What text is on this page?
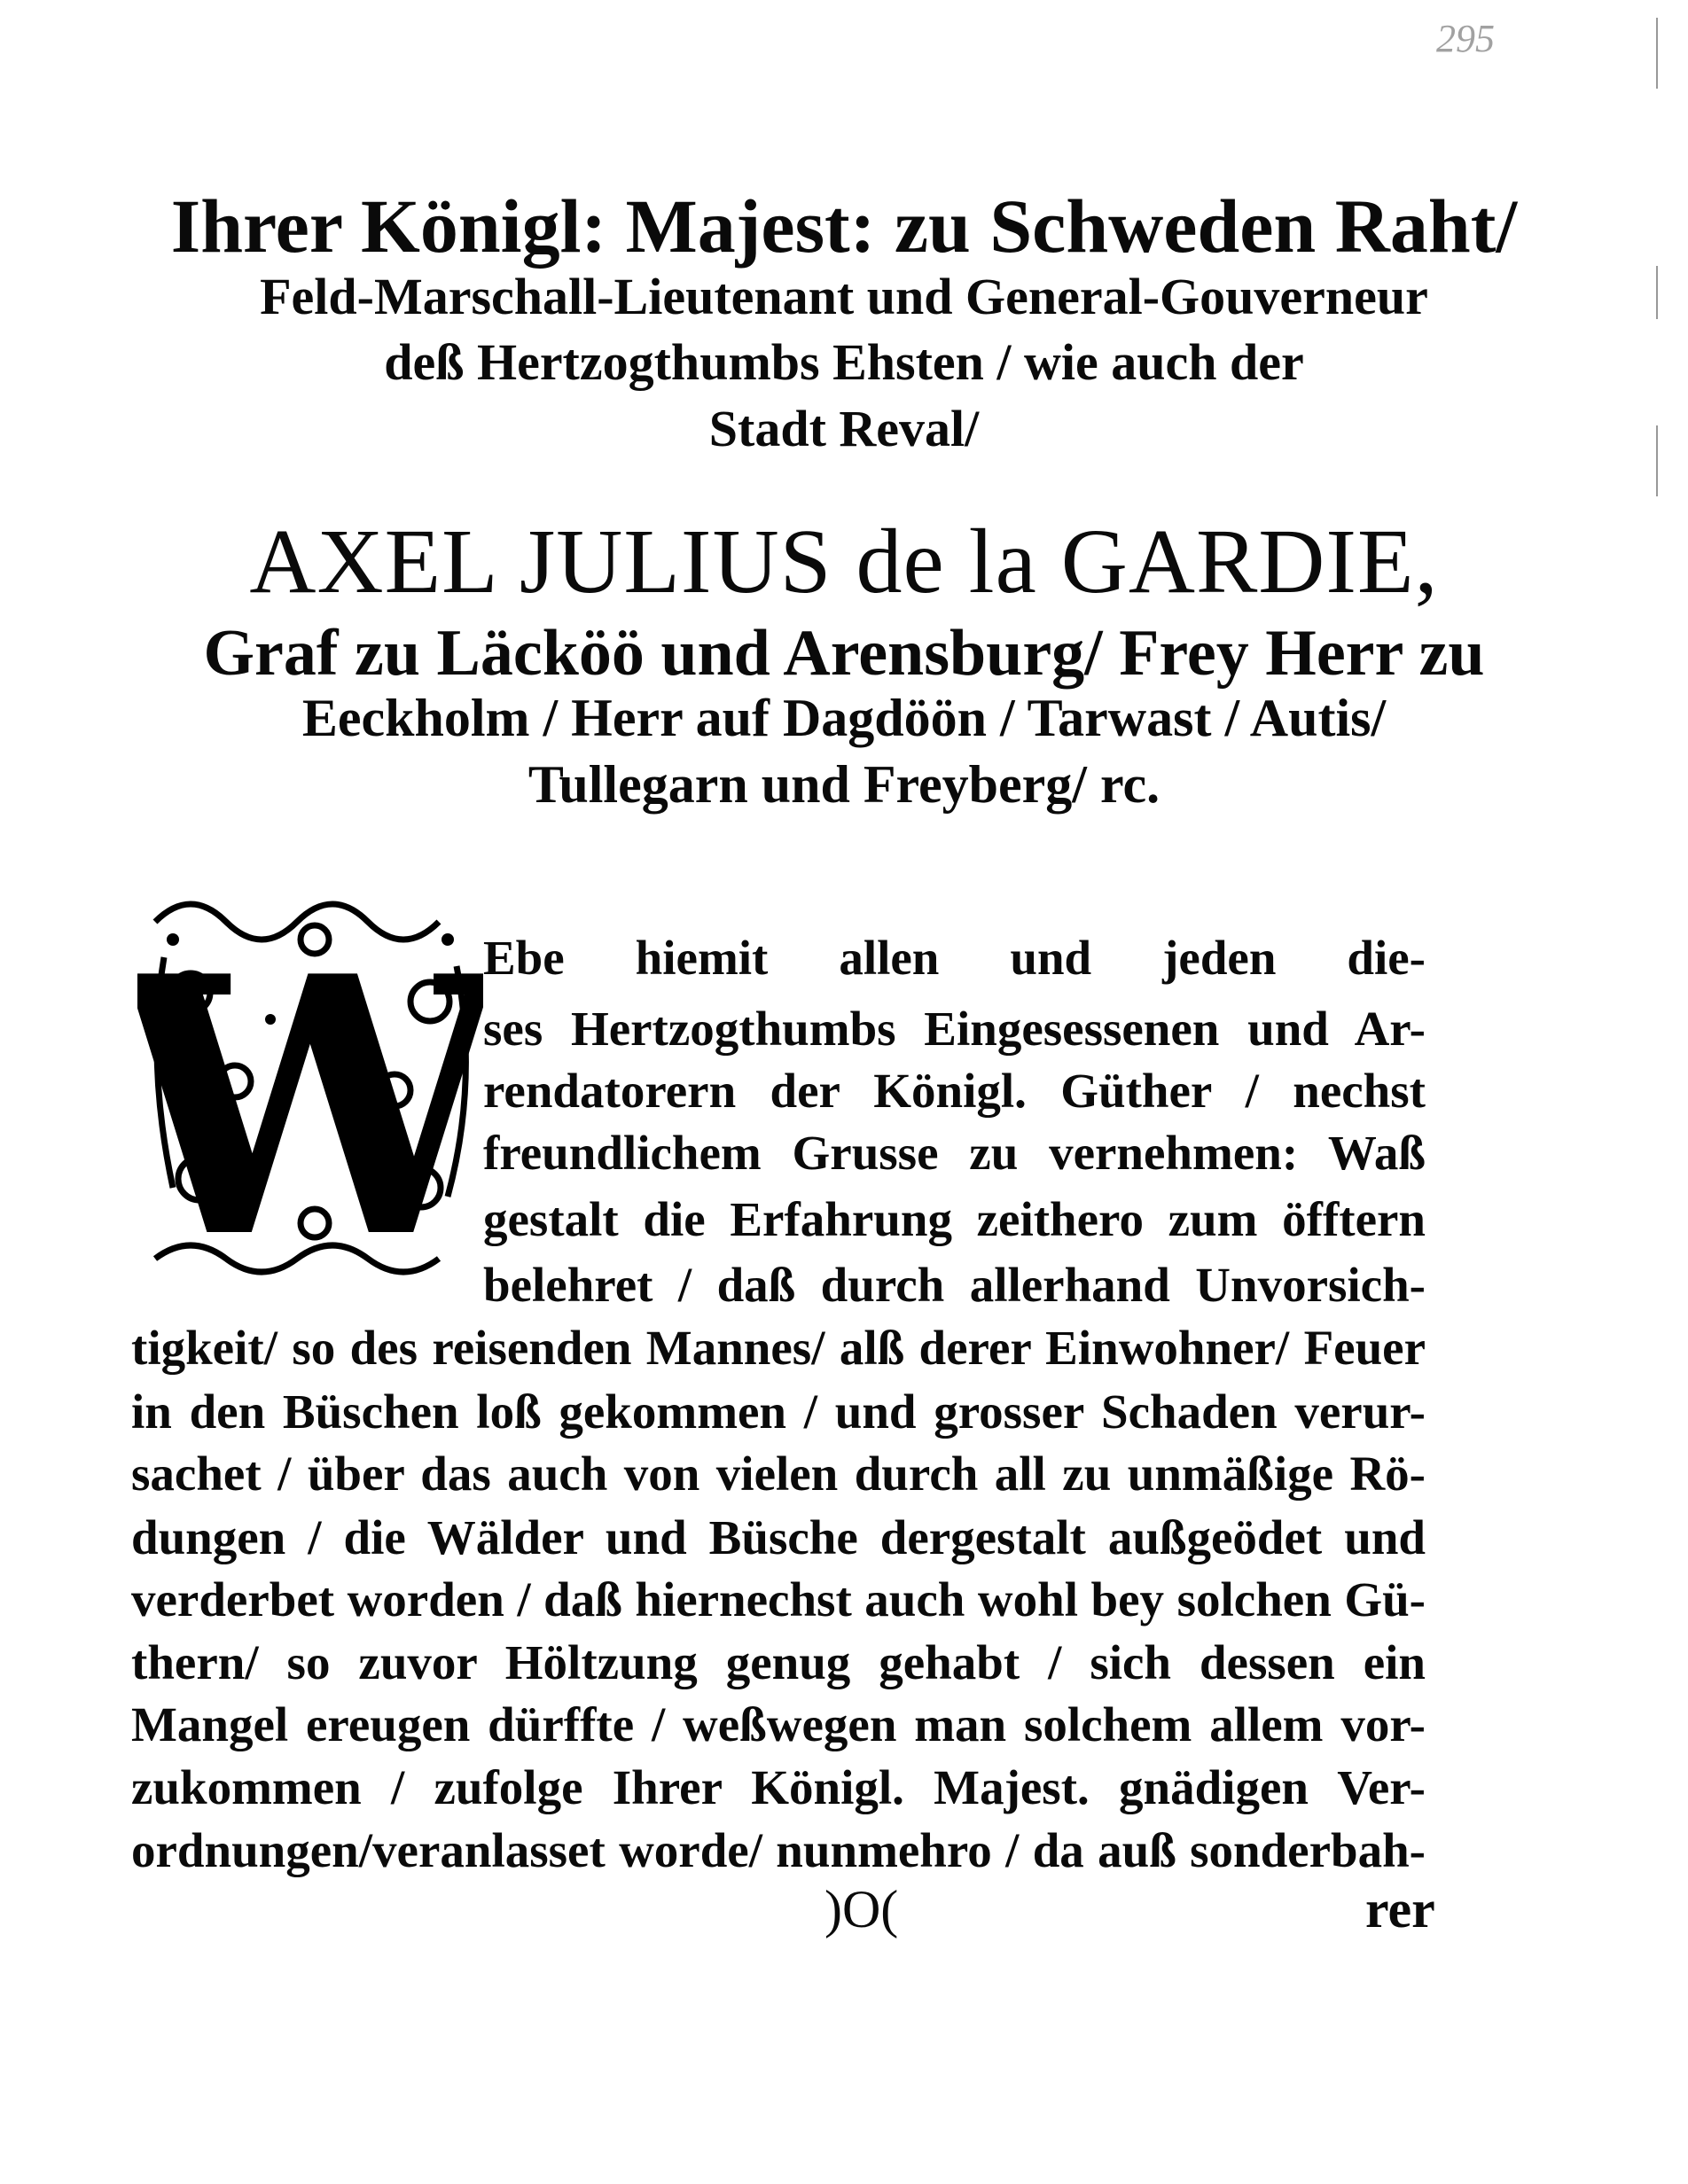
295
Ihrer Königl: Majest: zu Schweden Raht/
Feld-Marschall-Lieutenant und General-Gouverneur
deß Hertzogthumbs Ehsten / wie auch der
Stadt Reval/
AXEL JULIUS de la GARDIE,
Graf zu Läcköö und Arensburg/ Frey Herr zu
Eeckholm / Herr auf Dagdöön / Tarwast / Autis/
Tullegarn und Freyberg/ rc.
W
Ebe hiemit allen und jeden die-
ses Hertzogthumbs Eingesessenen und Ar-
rendatorern der Königl. Güther / nechst
freundlichem Grusse zu vernehmen: Waß
gestalt die Erfahrung zeithero zum öfftern
belehret / daß durch allerhand Unvorsich-
tigkeit/ so des reisenden Mannes/ alß derer Einwohner/ Feuer
in den Büschen loß gekommen / und grosser Schaden verur-
sachet / über das auch von vielen durch all zu unmäßige Rö-
dungen / die Wälder und Büsche dergestalt außgeödet und
verderbet worden / daß hiernechst auch wohl bey solchen Gü-
thern/ so zuvor Höltzung genug gehabt / sich dessen ein
Mangel ereugen dürffte / weßwegen man solchem allem vor-
zukommen / zufolge Ihrer Königl. Majest. gnädigen Ver-
ordnungen/veranlasset worde/ nunmehro / da auß sonderbah-
)O(	rer
